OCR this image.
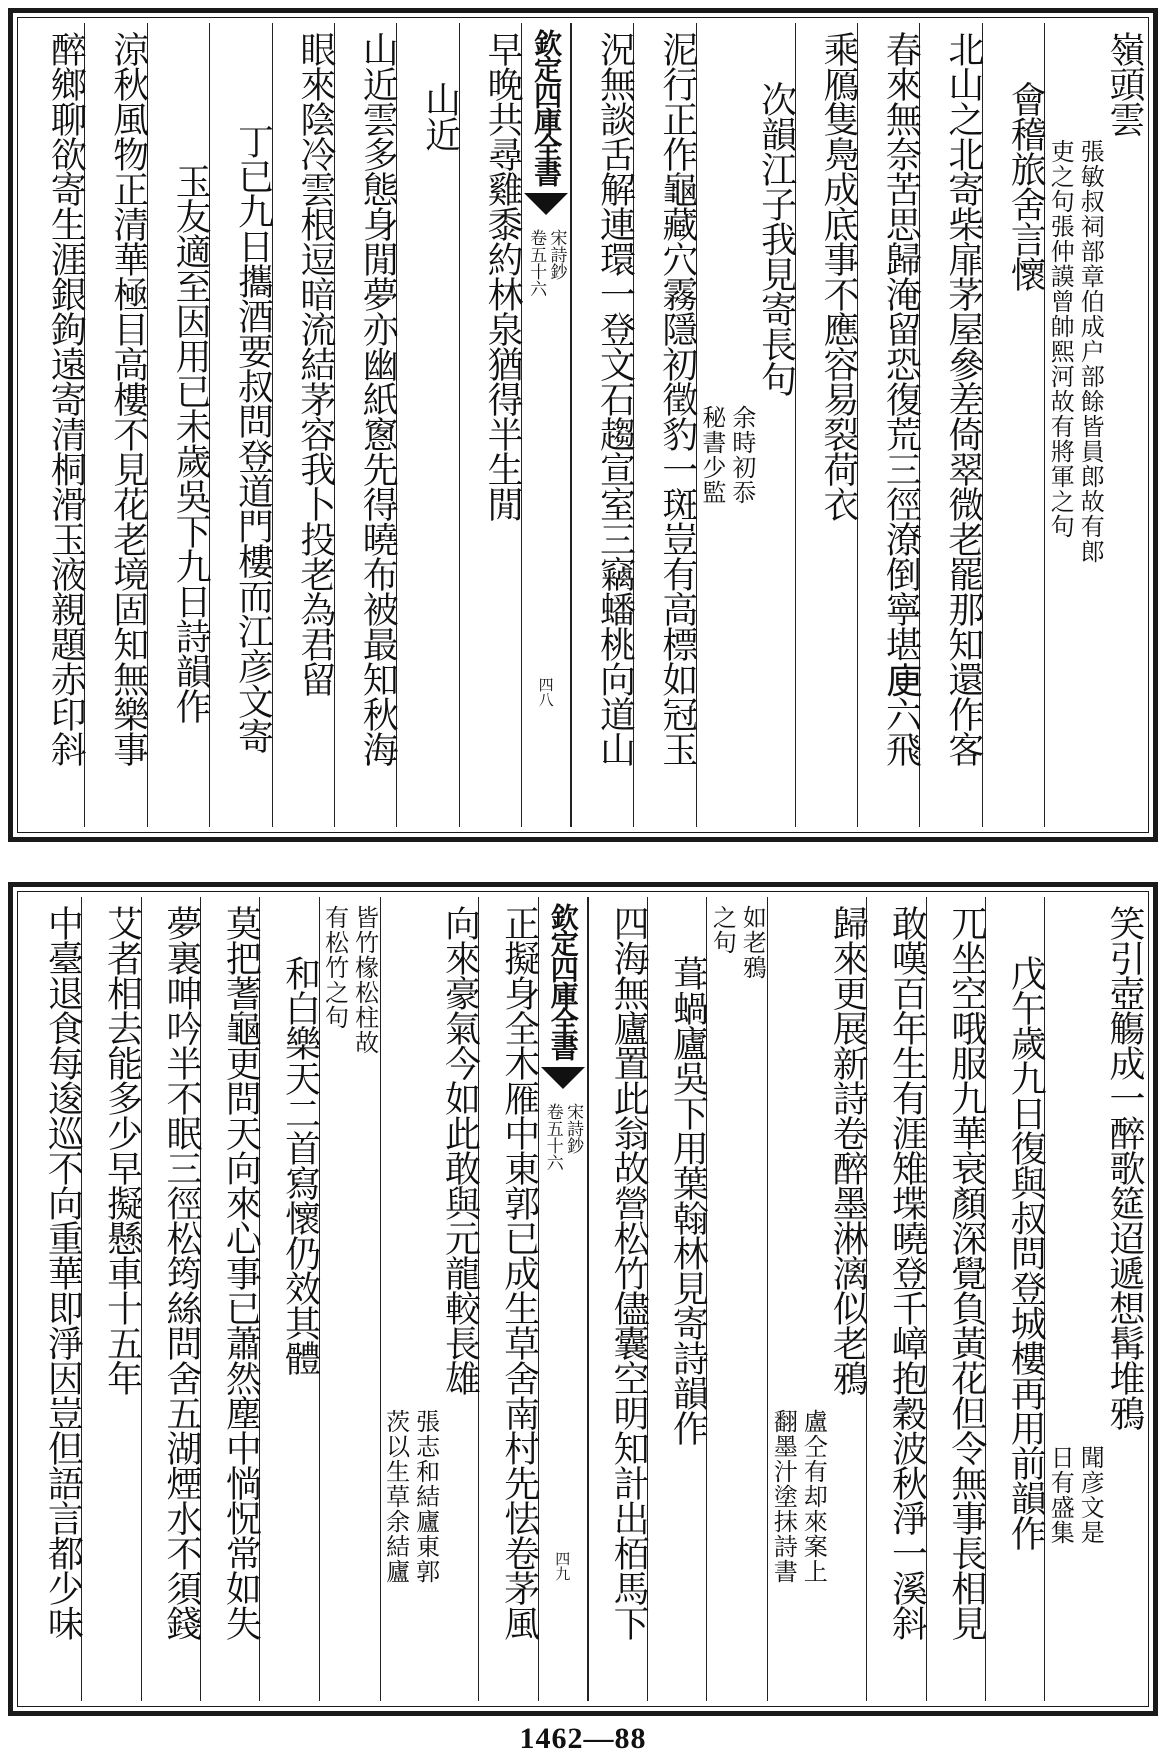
嶺頭雲
張敏叔祠部章伯成户部餘皆員郎故有郎
吏之句張仲謨曾帥熙河故有將軍之句
會稽旅舍言懷
北山之北寄柴扉茅屋參差倚翠微老罷那知還作客
春來無奈苦思歸淹留恐復荒三徑潦倒寧堪𢈔六飛
乘鴈隻鳧成底事不應容易裂荷衣
次韻江子我見寄長句
余時初忝
秘書少監
泥行正作龜藏穴霧隱初徵豹一斑豈有高標如冠玉
況無談舌解連環一登文石趨宣室三竊蟠桃向道山
欽定四庫全書
宋詩鈔
卷五十六
四八
早晚共尋雞黍約林泉猶得半生閒
山近
山近雲多態身閒夢亦幽紙窻先得曉布被最知秋海
眼來陰冷雲根逗暗流結茅容我卜投老為君留
丁已九日攜酒要叔問登道門樓而江彦文寄
玉友適至因用已未歲吳下九日詩韻作
涼秋風物正清華極目高樓不見花老境固知無樂事
醉鄉聊欲寄生涯銀鉤遠寄清桐滑玉液親題赤印斜
笑引壺觴成一醉歌筵迢遞想髯堆鴉
聞彦文是
日有盛集
戊午歲九日復與叔問登城樓再用前韻作
兀坐空哦服九華衰顏深覺負黃花但令無事長相見
敢嘆百年生有涯雉堞曉登千嶂抱穀波秋淨一溪斜
歸來更展新詩卷醉墨淋漓似老鴉
盧仝有却來案上
翻墨汁塗抹詩書
如老鴉
之句
葺蝸廬吳下用葉翰林見寄詩韻作
四海無廬置此翁故營松竹儘囊空明知計出栢馬下
欽定四庫全書
宋詩鈔
卷五十六
四九
正擬身全木雁中東郭已成生草舍南村先怯卷茅風
向來豪氣今如此敢與元龍較長雄
張志和結廬東郭
茨以生草余結廬
皆竹椽松柱故
有松竹之句
和白樂天二首寫懷仍效其體
莫把蓍龜更問天向來心事已蕭然塵中惝怳常如失
夢裏呻吟半不眠三徑松筠絲問舍五湖煙水不須錢
艾者相去能多少早擬懸車十五年
中臺退食每逡巡不向重華即淨因豈但語言都少味
1462—88
